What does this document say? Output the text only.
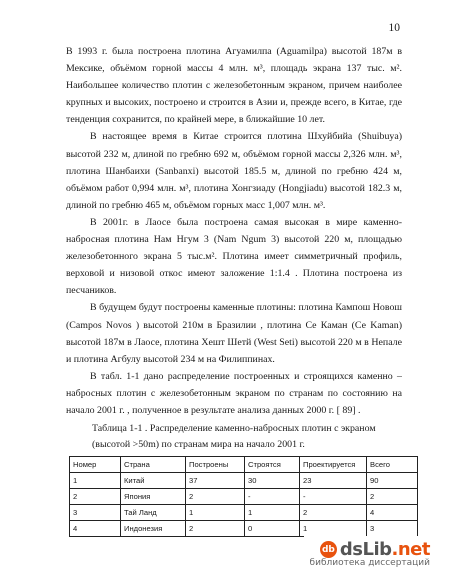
10

В 1993 г. была построена плотина Агуамилпа (Aguamilpa) высотой 187м в Мексике, объёмом горной массы 4 млн. м³, площадь экрана 137 тыс. м². Наибольшее количество плотин с железобетонным экраном, причем наиболее крупных и высоких, построено и строится в Азии и, прежде всего, в Китае, где тенденция сохранится, по крайней мере, в ближайшие 10 лет.

В настоящее время в Китае строится плотина Шхуйбийа (Shuibuya) высотой 232 м, длиной по гребню 692 м, объёмом горной массы 2,326 млн. м³, плотина Шанбаихи (Sanbanxi) высотой 185.5 м, длиной по гребню 424 м, объёмом работ 0,994 млн. м³, плотина Хонгзиаду (Hongjiadu) высотой 182.3 м, длиной по гребню 465 м, объёмом горных масс 1,007 млн. м³.

В 2001г. в Лаосе была построена самая высокая в мире каменно-набросная плотина Нам Нгум 3 (Nam Ngum 3) высотой 220 м, площадью железобетонного экрана 5 тыс.м². Плотина имеет симметричный профиль, верховой и низовой откос имеют заложение 1:1.4 . Плотина построена из песчаников.

В будущем будут построены каменные плотины: плотина Кампош Новош (Campos Novos ) высотой 210м в Бразилии , плотина Се Каман (Се Kaman) высотой 187м в Лаосе, плотина Хешт Шетй (West Seti) высотой 220 м в Непале и плотина Агбулу высотой 234 м на Филиппинах.

В табл. 1-1 дано распределение построенных и строящихся каменно – набросных плотин с железобетонным экраном по странам по состоянию на начало 2001 г. , полученное в результате анализа данных 2000 г. [ 89] .

Таблица 1-1 . Распределение каменно-набросных плотин с экраном (высотой >50m) по странам мира на начало 2001 г.
Номер	Страна	Построены	Строятся	Проектируется	Всего
1	Китай	37	30	23	90
2	Япония	2	-	-	2
3	Тай Ланд	1	1	2	4
4	Индонезия	2	0	1	3
db dsLib.net
библиотека диссертаций
